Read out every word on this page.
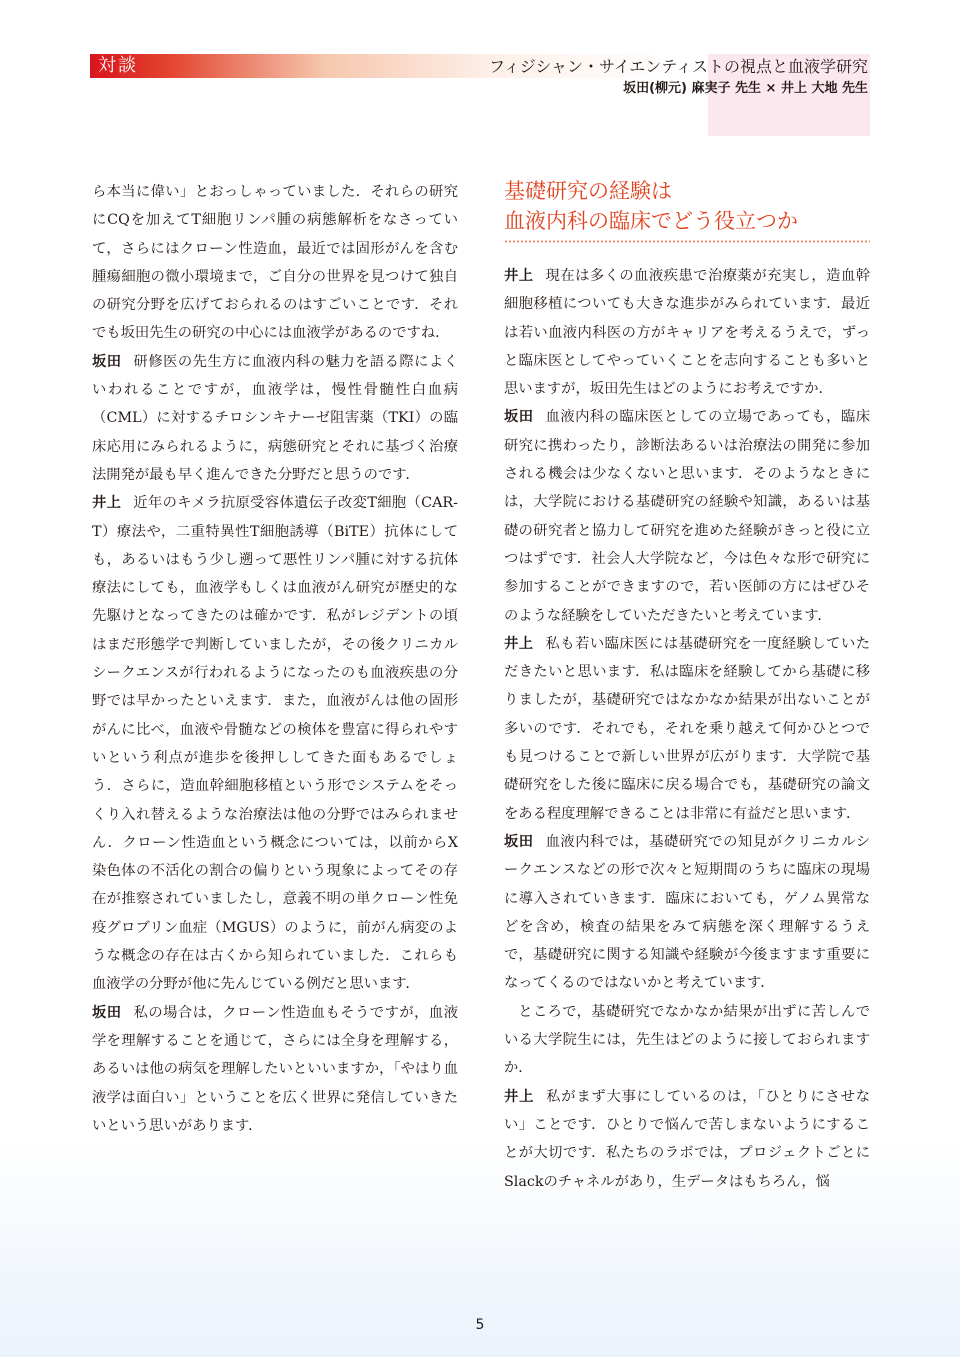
対談	フィジシャン・サイエンティストの視点と血液学研究
坂田(柳元) 麻実子 先生 × 井上 大地 先生

ら本当に偉い」とおっしゃっていました．それらの研究にCQを加えてT細胞リンパ腫の病態解析をなさっていて，さらにはクローン性造血，最近では固形がんを含む腫瘍細胞の微小環境まで，ご自分の世界を見つけて独自の研究分野を広げておられるのはすごいことです．それでも坂田先生の研究の中心には血液学があるのですね．

坂田 研修医の先生方に血液内科の魅力を語る際によくいわれることですが，血液学は，慢性骨髄性白血病（CML）に対するチロシンキナーゼ阻害薬（TKI）の臨床応用にみられるように，病態研究とそれに基づく治療法開発が最も早く進んできた分野だと思うのです．

井上 近年のキメラ抗原受容体遺伝子改変T細胞（CAR-T）療法や，二重特異性T細胞誘導（BiTE）抗体にしても，あるいはもう少し遡って悪性リンパ腫に対する抗体療法にしても，血液学もしくは血液がん研究が歴史的な先駆けとなってきたのは確かです．私がレジデントの頃はまだ形態学で判断していましたが，その後クリニカルシークエンスが行われるようになったのも血液疾患の分野では早かったといえます．また，血液がんは他の固形がんに比べ，血液や骨髄などの検体を豊富に得られやすいという利点が進歩を後押ししてきた面もあるでしょう．さらに，造血幹細胞移植という形でシステムをそっくり入れ替えるような治療法は他の分野ではみられません．クローン性造血という概念については，以前からX染色体の不活化の割合の偏りという現象によってその存在が推察されていましたし，意義不明の単クローン性免疫グロブリン血症（MGUS）のように，前がん病変のような概念の存在は古くから知られていました．これらも血液学の分野が他に先んじている例だと思います．

坂田 私の場合は，クローン性造血もそうですが，血液学を理解することを通じて，さらには全身を理解する，あるいは他の病気を理解したいといいますか，「やはり血液学は面白い」ということを広く世界に発信していきたいという思いがあります．

基礎研究の経験は
血液内科の臨床でどう役立つか

井上 現在は多くの血液疾患で治療薬が充実し，造血幹細胞移植についても大きな進歩がみられています．最近は若い血液内科医の方がキャリアを考えるうえで，ずっと臨床医としてやっていくことを志向することも多いと思いますが，坂田先生はどのようにお考えですか．

坂田 血液内科の臨床医としての立場であっても，臨床研究に携わったり，診断法あるいは治療法の開発に参加される機会は少なくないと思います．そのようなときには，大学院における基礎研究の経験や知識，あるいは基礎の研究者と協力して研究を進めた経験がきっと役に立つはずです．社会人大学院など，今は色々な形で研究に参加することができますので，若い医師の方にはぜひそのような経験をしていただきたいと考えています．

井上 私も若い臨床医には基礎研究を一度経験していただきたいと思います．私は臨床を経験してから基礎に移りましたが，基礎研究ではなかなか結果が出ないことが多いのです．それでも，それを乗り越えて何かひとつでも見つけることで新しい世界が広がります．大学院で基礎研究をした後に臨床に戻る場合でも，基礎研究の論文をある程度理解できることは非常に有益だと思います．

坂田 血液内科では，基礎研究での知見がクリニカルシークエンスなどの形で次々と短期間のうちに臨床の現場に導入されていきます．臨床においても，ゲノム異常などを含め，検査の結果をみて病態を深く理解するうえで，基礎研究に関する知識や経験が今後ますます重要になってくるのではないかと考えています．

ところで，基礎研究でなかなか結果が出ずに苦しんでいる大学院生には，先生はどのように接しておられますか．

井上 私がまず大事にしているのは，「ひとりにさせない」ことです．ひとりで悩んで苦しまないようにすることが大切です．私たちのラボでは，プロジェクトごとにSlackのチャネルがあり，生データはもちろん，悩

5
